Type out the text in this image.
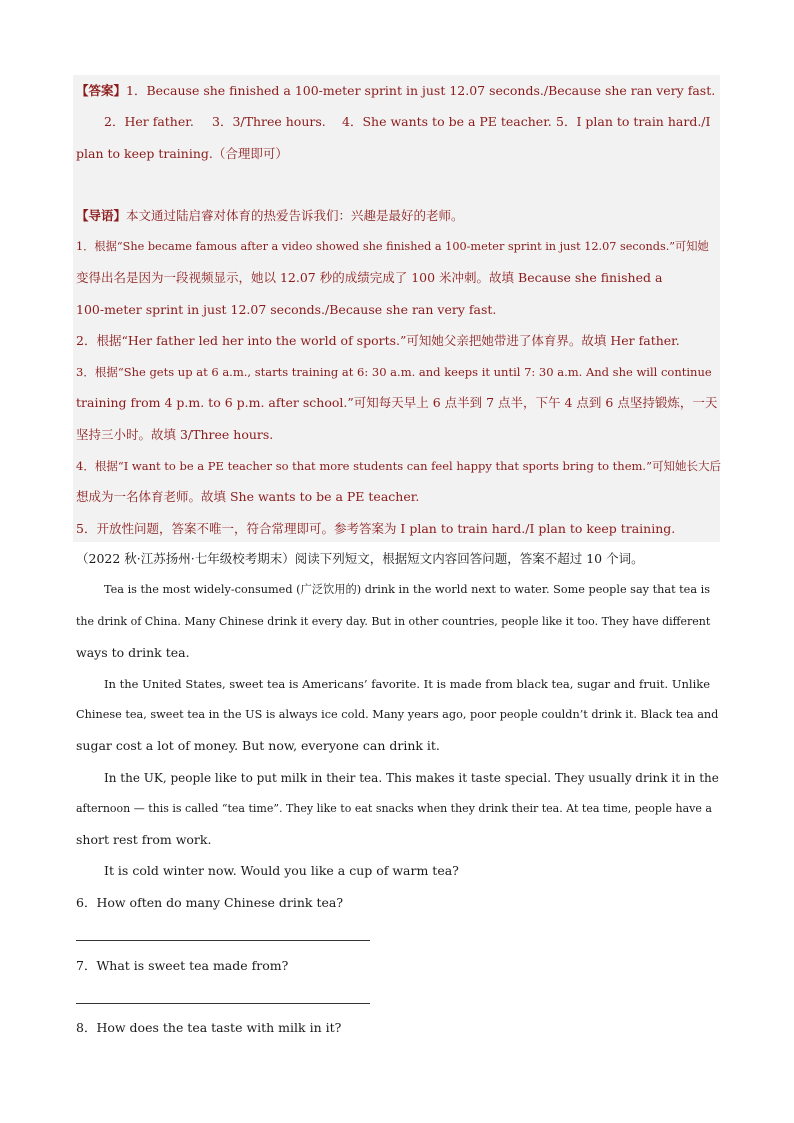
【答案】1．Because she finished a 100-meter sprint in just 12.07 seconds./Because she ran very fast.
2．Her father. 3．3/Three hours. 4．She wants to be a PE teacher. 5．I plan to train hard./I
plan to keep training.（合理即可）
【导语】本文通过陆启睿对体育的热爱告诉我们：兴趣是最好的老师。
1．根据“She became famous after a video showed she finished a 100-meter sprint in just 12.07 seconds.”可知她
变得出名是因为一段视频显示，她以 12.07 秒的成绩完成了 100 米冲刺。故填 Because she finished a
100-meter sprint in just 12.07 seconds./Because she ran very fast.
2．根据“Her father led her into the world of sports.”可知她父亲把她带进了体育界。故填 Her father.
3．根据“She gets up at 6 a.m., starts training at 6: 30 a.m. and keeps it until 7: 30 a.m. And she will continue
training from 4 p.m. to 6 p.m. after school.”可知每天早上 6 点半到 7 点半，下午 4 点到 6 点坚持锻炼，一天
坚持三小时。故填 3/Three hours.
4．根据“I want to be a PE teacher so that more students can feel happy that sports bring to them.”可知她长大后
想成为一名体育老师。故填 She wants to be a PE teacher.
5．开放性问题，答案不唯一，符合常理即可。参考答案为 I plan to train hard./I plan to keep training.
（2022 秋·江苏扬州·七年级校考期末）阅读下列短文，根据短文内容回答问题，答案不超过 10 个词。
Tea is the most widely-consumed (广泛饮用的) drink in the world next to water. Some people say that tea is
the drink of China. Many Chinese drink it every day. But in other countries, people like it too. They have different
ways to drink tea.
In the United States, sweet tea is Americans’ favorite. It is made from black tea, sugar and fruit. Unlike
Chinese tea, sweet tea in the US is always ice cold. Many years ago, poor people couldn’t drink it. Black tea and
sugar cost a lot of money. But now, everyone can drink it.
In the UK, people like to put milk in their tea. This makes it taste special. They usually drink it in the
afternoon — this is called “tea time”. They like to eat snacks when they drink their tea. At tea time, people have a
short rest from work.
It is cold winter now. Would you like a cup of warm tea?
6．How often do many Chinese drink tea?
7．What is sweet tea made from?
8．How does the tea taste with milk in it?
